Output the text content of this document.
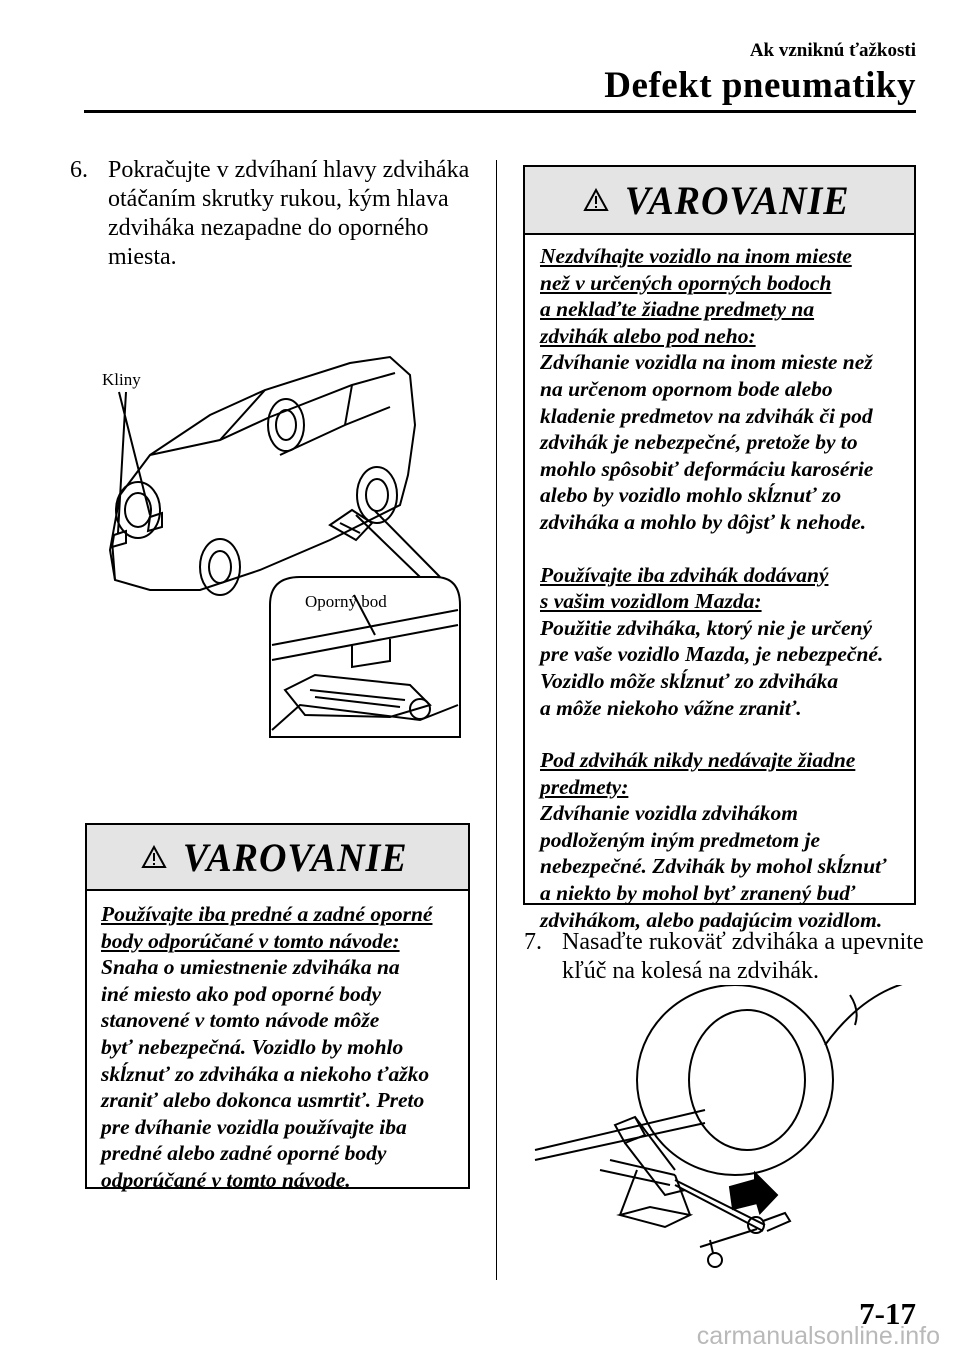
Ak vzniknú ťažkosti
Defekt pneumatiky
6. Pokračujte v zdvíhaní hlavy zdviháka
otáčaním skrutky rukou, kým hlava
zdviháka nezapadne do oporného
miesta.
Kliny
Oporný bod
VAROVANIE

Používajte iba predné a zadné oporné

body odporúčané v tomto návode:

Snaha o umiestnenie zdviháka na

iné miesto ako pod oporné body

stanovené v tomto návode môže

byť nebezpečná. Vozidlo by mohlo

skĺznuť zo zdviháka a niekoho ťažko

zraniť alebo dokonca usmrtiť. Preto

pre dvíhanie vozidla používajte iba

predné alebo zadné oporné body

odporúčané v tomto návode.

VAROVANIE

Nezdvíhajte vozidlo na inom mieste

než v určených oporných bodoch

a neklaďte žiadne predmety na

zdvihák alebo pod neho:

Zdvíhanie vozidla na inom mieste než

na určenom opornom bode alebo

kladenie predmetov na zdvihák či pod

zdvihák je nebezpečné, pretože by to

mohlo spôsobiť deformáciu karosérie

alebo by vozidlo mohlo skĺznuť zo

zdviháka a mohlo by dôjsť k nehode.

Používajte iba zdvihák dodávaný

s vašim vozidlom Mazda:

Použitie zdviháka, ktorý nie je určený

pre vaše vozidlo Mazda, je nebezpečné.

Vozidlo môže skĺznuť zo zdviháka

a môže niekoho vážne zraniť.

Pod zdvihák nikdy nedávajte žiadne

predmety:

Zdvíhanie vozidla zdvihákom

podloženým iným predmetom je

nebezpečné. Zdvihák by mohol skĺznuť

a niekto by mohol byť zranený buď

zdvihákom, alebo padajúcim vozidlom.

7. Nasaďte rukoväť zdviháka a upevnite
kľúč na kolesá na zdvihák.
7-17
carmanualsonline.info
